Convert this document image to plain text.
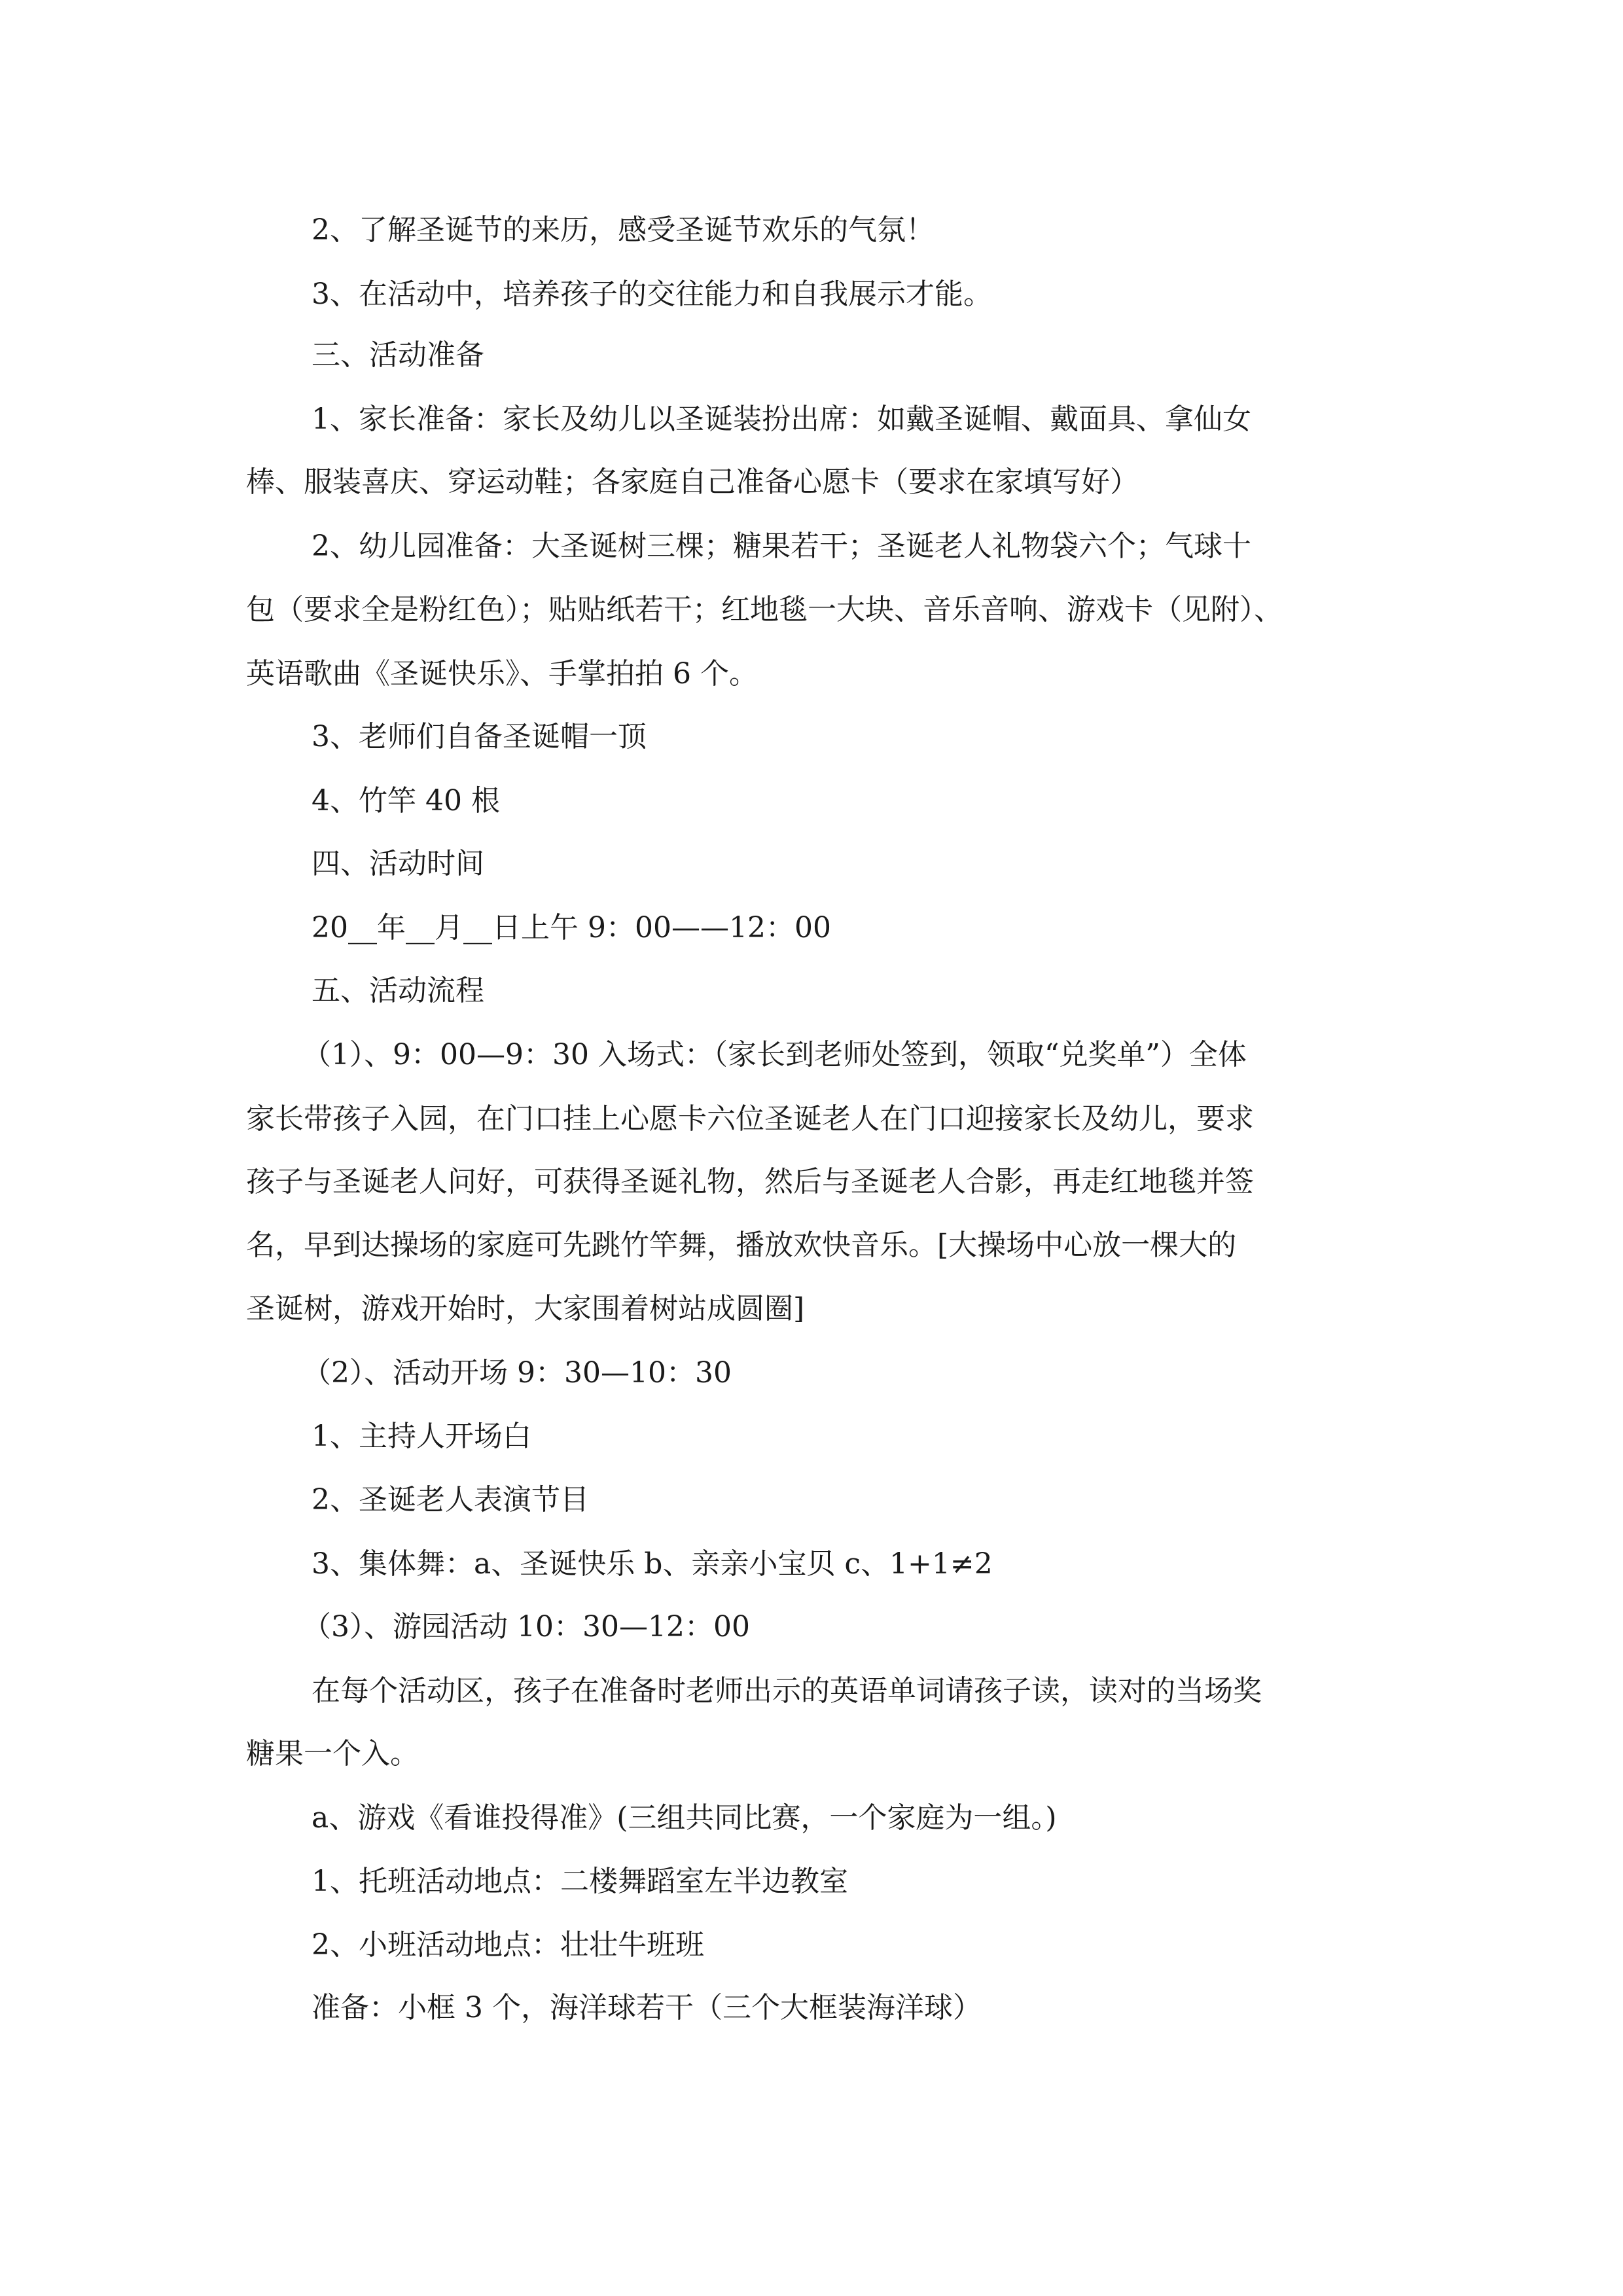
2、了解圣诞节的来历，感受圣诞节欢乐的气氛！
3、在活动中，培养孩子的交往能力和自我展示才能。
三、活动准备
1、家长准备：家长及幼儿以圣诞装扮出席：如戴圣诞帽、戴面具、拿仙女
棒、服装喜庆、穿运动鞋；各家庭自己准备心愿卡（要求在家填写好）
2、幼儿园准备：大圣诞树三棵；糖果若干；圣诞老人礼物袋六个；气球十
包（要求全是粉红色）；贴贴纸若干；红地毯一大块、音乐音响、游戏卡（见附）、
英语歌曲《圣诞快乐》、手掌拍拍 6 个。
3、老师们自备圣诞帽一顶
4、竹竿 40 根
四、活动时间
20__年__月__日上午 9：00——12：00
五、活动流程
（1）、9：00—9：30 入场式：（家长到老师处签到，领取“兑奖单”）全体
家长带孩子入园，在门口挂上心愿卡六位圣诞老人在门口迎接家长及幼儿，要求
孩子与圣诞老人问好，可获得圣诞礼物，然后与圣诞老人合影，再走红地毯并签
名，早到达操场的家庭可先跳竹竿舞，播放欢快音乐。[大操场中心放一棵大的
圣诞树，游戏开始时，大家围着树站成圆圈]
（2）、活动开场 9：30—10：30
1、主持人开场白
2、圣诞老人表演节目
3、集体舞：a、圣诞快乐 b、亲亲小宝贝 c、1+1≠2
（3）、游园活动 10：30—12：00
在每个活动区，孩子在准备时老师出示的英语单词请孩子读，读对的当场奖
糖果一个入。
a、游戏《看谁投得准》(三组共同比赛，一个家庭为一组。)
1、托班活动地点：二楼舞蹈室左半边教室
2、小班活动地点：壮壮牛班班
准备：小框 3 个，海洋球若干（三个大框装海洋球）
